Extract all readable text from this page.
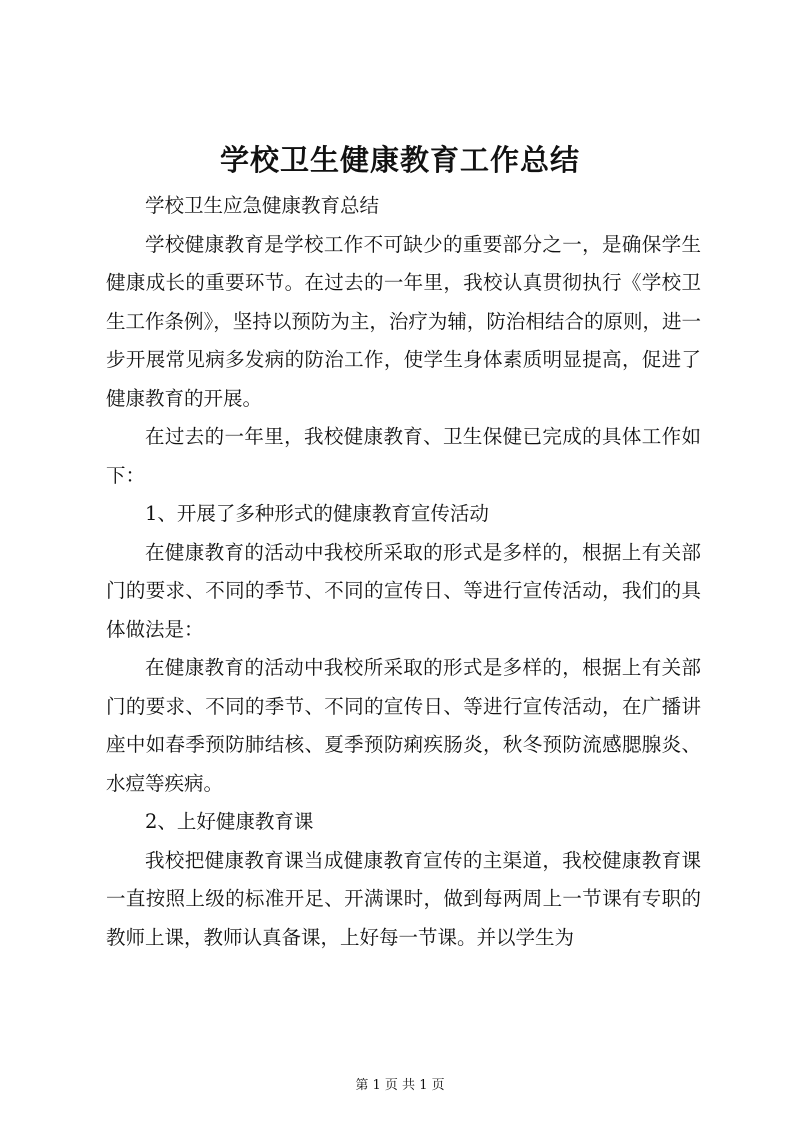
学校卫生健康教育工作总结

学校卫生应急健康教育总结

学校健康教育是学校工作不可缺少的重要部分之一，是确保学生健康成长的重要环节。在过去的一年里，我校认真贯彻执行《学校卫生工作条例》，坚持以预防为主，治疗为辅，防治相结合的原则，进一步开展常见病多发病的防治工作，使学生身体素质明显提高，促进了健康教育的开展。

在过去的一年里，我校健康教育、卫生保健已完成的具体工作如下：

1、开展了多种形式的健康教育宣传活动

在健康教育的活动中我校所采取的形式是多样的，根据上有关部门的要求、不同的季节、不同的宣传日、等进行宣传活动，我们的具体做法是：

在健康教育的活动中我校所采取的形式是多样的，根据上有关部门的要求、不同的季节、不同的宣传日、等进行宣传活动，在广播讲座中如春季预防肺结核、夏季预防痢疾肠炎，秋冬预防流感腮腺炎、水痘等疾病。

2、上好健康教育课

我校把健康教育课当成健康教育宣传的主渠道，我校健康教育课一直按照上级的标准开足、开满课时，做到每两周上一节课有专职的教师上课，教师认真备课，上好每一节课。并以学生为

第 1 页 共 1 页
